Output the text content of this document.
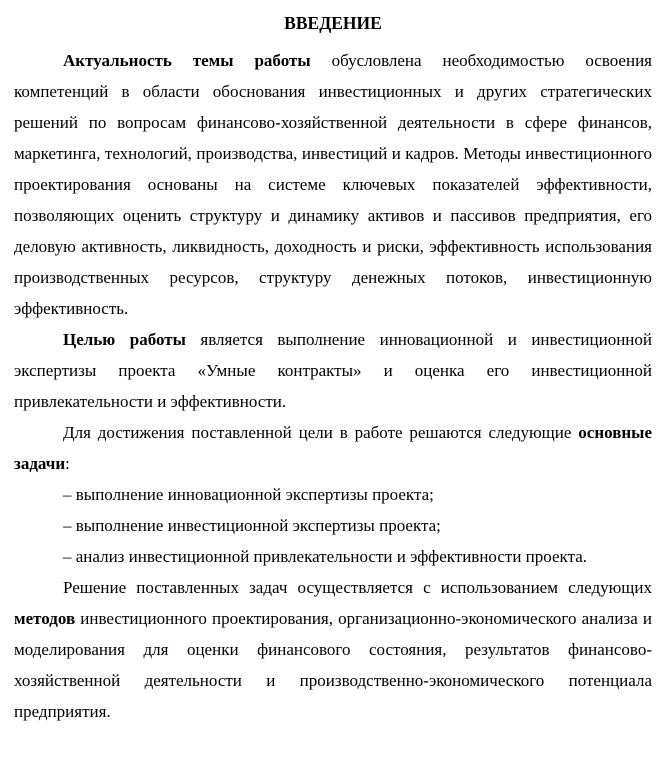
ВВЕДЕНИЕ

Актуальность темы работы обусловлена необходимостью освоения компетенций в области обоснования инвестиционных и других стратегических решений по вопросам финансово-хозяйственной деятельности в сфере финансов, маркетинга, технологий, производства, инвестиций и кадров. Методы инвестиционного проектирования основаны на системе ключевых показателей эффективности, позволяющих оценить структуру и динамику активов и пассивов предприятия, его деловую активность, ликвидность, доходность и риски, эффективность использования производственных ресурсов, структуру денежных потоков, инвестиционную эффективность.

Целью работы является выполнение инновационной и инвестиционной экспертизы проекта «Умные контракты» и оценка его инвестиционной привлекательности и эффективности.

Для достижения поставленной цели в работе решаются следующие основные задачи:

– выполнение инновационной экспертизы проекта;

– выполнение инвестиционной экспертизы проекта;

– анализ инвестиционной привлекательности и эффективности проекта.

Решение поставленных задач осуществляется с использованием следующих методов инвестиционного проектирования, организационно-экономического анализа и моделирования для оценки финансового состояния, результатов финансово-хозяйственной деятельности и производственно-экономического потенциала предприятия.
